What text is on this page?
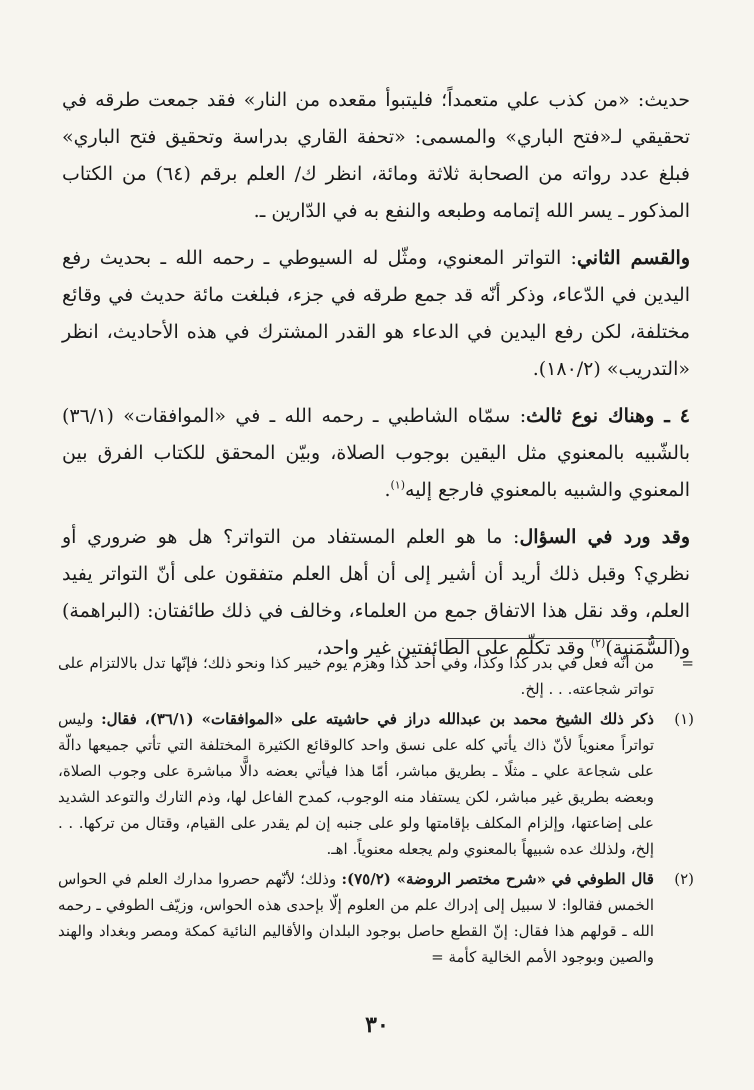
حديث: «من كذب علي متعمداً؛ فليتبوأ مقعده من النار» فقد جمعت طرقه في تحقيقي لـ«فتح الباري» والمسمى: «تحفة القاري بدراسة وتحقيق فتح الباري» فبلغ عدد رواته من الصحابة ثلاثة ومائة، انظر ك/ العلم برقم (٦٤) من الكتاب المذكور ـ يسر الله إتمامه وطبعه والنفع به في الدّارين ـ.

والقسم الثاني: التواتر المعنوي، ومثّل له السيوطي ـ رحمه الله ـ بحديث رفع اليدين في الدّعاء، وذكر أنّه قد جمع طرقه في جزء، فبلغت مائة حديث في وقائع مختلفة، لكن رفع اليدين في الدعاء هو القدر المشترك في هذه الأحاديث، انظر «التدريب» (١٨٠/٢).

٤ ـ وهناك نوع ثالث: سمّاه الشاطبي ـ رحمه الله ـ في «الموافقات» (٣٦/١) بالشّبيه بالمعنوي مثل اليقين بوجوب الصلاة، وبيّن المحقق للكتاب الفرق بين المعنوي والشبيه بالمعنوي فارجع إليه$^{(١)}$.

وقد ورد في السؤال: ما هو العلم المستفاد من التواتر؟ هل هو ضروري أو نظري؟ وقبل ذلك أريد أن أشير إلى أن أهل العلم متفقون على أنّ التواتر يفيد العلم، وقد نقل هذا الاتفاق جمع من العلماء، وخالف في ذلك طائفتان: (البراهمة) و(السُّمَنية)$^{(٢)}$ وقد تكلّم على الطائفتين غير واحد،

=
من أنّه فعل في بدر كذا وكذا، وفي أحد كذا وهزم يوم خيبر كذا ونحو ذلك؛ فإنّها تدل بالالتزام على تواتر شجاعته. . . إلخ.
(١)
ذكر ذلك الشيخ محمد بن عبدالله دراز في حاشيته على «الموافقات» (٣٦/١)، فقال: وليس تواتراً معنوياً لأنّ ذاك يأتي كله على نسق واحد كالوقائع الكثيرة المختلفة التي تأتي جميعها دالّة على شجاعة علي ـ مثلًا ـ بطريق مباشر، أمّا هذا فيأتي بعضه دالًّا مباشرة على وجوب الصلاة، وبعضه بطريق غير مباشر، لكن يستفاد منه الوجوب، كمدح الفاعل لها، وذم التارك والتوعد الشديد على إضاعتها، وإلزام المكلف بإقامتها ولو على جنبه إن لم يقدر على القيام، وقتال من تركها. . . إلخ، ولذلك عده شبيهاً بالمعنوي ولم يجعله معنوياً. اهـ.
(٢)
قال الطوفي في «شرح مختصر الروضة» (٧٥/٢): وذلك؛ لأنّهم حصروا مدارك العلم في الحواس الخمس فقالوا: لا سبيل إلى إدراك علم من العلوم إلّا بإحدى هذه الحواس، وزيّف الطوفي ـ رحمه الله ـ قولهم هذا فقال: إنّ القطع حاصل بوجود البلدان والأقاليم النائية كمكة ومصر وبغداد والهند والصين وبوجود الأمم الخالية كأمة =
٣٠
